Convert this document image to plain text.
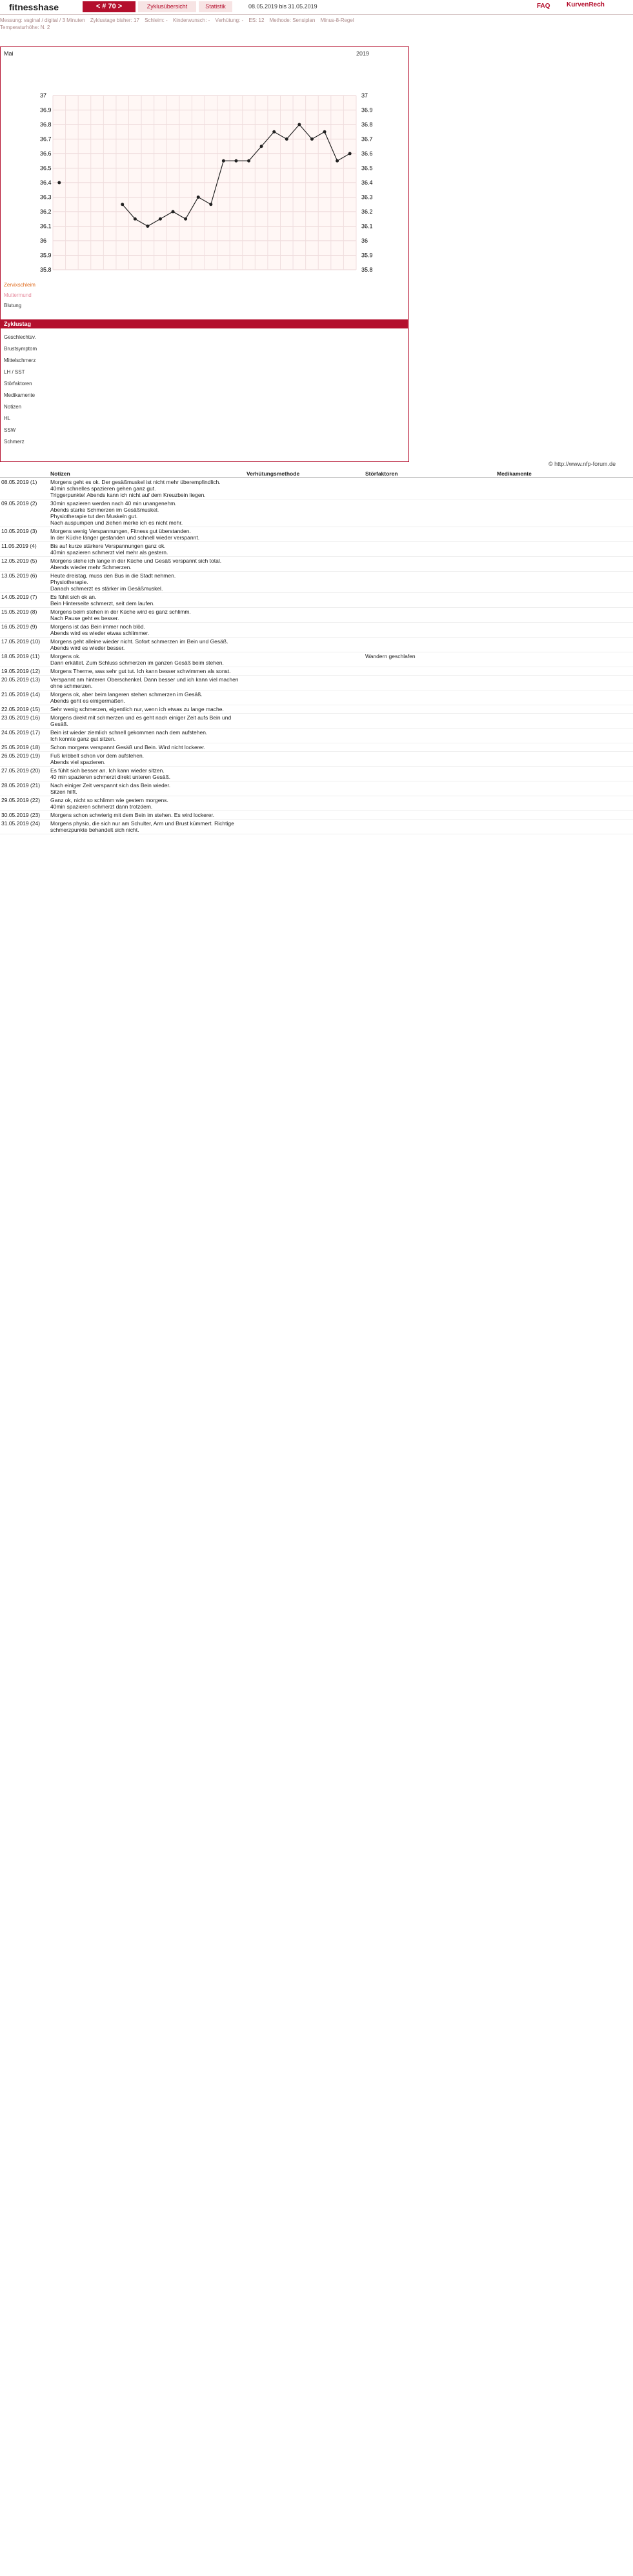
fitnesshase	< # 70 >	Zyklusübersicht	Statistik	08.05.2019 bis 31.05.2019	FAQ	KurvenRech
Messung: vaginal / digital / 3 Minuten Zyklustage bisher: 17 Schleim: - Kinderwunsch: - Verhütung: - ES: 12 Methode: Sensiplan Minus-8-Regel
Temperaturhöhe: N. 2
Mai	2019
37	37
36.9	36.9
36.8	36.8
36.7	36.7
36.6	36.6
36.5	36.5
36.4	36.4
36.3	36.3
36.2	36.2
36.1	36.1
36	36
35.9	35.9
35.8	35.8
Zervixschleim
Muttermund
Blutung
Zyklustag
Geschlechtsv.
Brustsymptom
Mittelschmerz
LH / SST
Störfaktoren
Medikamente
Notizen
HL
SSW
Schmerz
© http://www.nfp-forum.de
	Notizen	Verhütungsmethode	Störfaktoren	Medikamente
08.05.2019 (1)	Morgens geht es ok. Der gesäßmuskel ist nicht mehr überempfindlich.
40min schnelles spazieren gehen ganz gut.
Triggerpunkte! Abends kann ich nicht auf dem Kreuzbein liegen.			
09.05.2019 (2)	30min spazieren werden nach 40 min unangenehm.
Abends starke Schmerzen im Gesäßmuskel.
Physiotherapie tut den Muskeln gut.
Nach auspumpen und ziehen merke ich es nicht mehr.			
10.05.2019 (3)	Morgens wenig Verspannungen, Fitness gut überstanden.
In der Küche länger gestanden und schnell wieder verspannt.			
11.05.2019 (4)	Bis auf kurze stärkere Verspannungen ganz ok.
40min spazieren schmerzt viel mehr als gestern.			
12.05.2019 (5)	Morgens stehe ich lange in der Küche und Gesäß verspannt sich total.
Abends wieder mehr Schmerzen.			
13.05.2019 (6)	Heute dreistag, muss den Bus in die Stadt nehmen.
Physiotherapie.
Danach schmerzt es stärker im Gesäßmuskel.			
14.05.2019 (7)	Es fühlt sich ok an.
Bein Hinterseite schmerzt, seit dem laufen.			
15.05.2019 (8)	Morgens beim stehen in der Küche wird es ganz schlimm.
Nach Pause geht es besser.			
16.05.2019 (9)	Morgens ist das Bein immer noch blöd.
Abends wird es wieder etwas schlimmer.			
17.05.2019 (10)	Morgens geht alleine wieder nicht. Sofort schmerzen im Bein und Gesäß.
Abends wird es wieder besser.			
18.05.2019 (11)	Morgens ok.
Dann erkältet. Zum Schluss schmerzen im ganzen Gesäß beim stehen.		Wandern geschlafen	
19.05.2019 (12)	Morgens Therme, was sehr gut tut. Ich kann besser schwimmen als sonst.			
20.05.2019 (13)	Verspannt am hinteren Oberschenkel. Dann besser und ich kann viel machen ohne schmerzen.			
21.05.2019 (14)	Morgens ok, aber beim langeren stehen schmerzen im Gesäß.
Abends geht es einigermaßen.			
22.05.2019 (15)	Sehr wenig schmerzen, eigentlich nur, wenn ich etwas zu lange mache.			
23.05.2019 (16)	Morgens direkt mit schmerzen und es geht nach einiger Zeit aufs Bein und Gesäß.			
24.05.2019 (17)	Bein ist wieder ziemlich schnell gekommen nach dem aufstehen.
Ich konnte ganz gut sitzen.			
25.05.2019 (18)	Schon morgens verspannt Gesäß und Bein. Wird nicht lockerer.			
26.05.2019 (19)	Fuß kribbelt schon vor dem aufstehen.
Abends viel spazieren.			
27.05.2019 (20)	Es fühlt sich besser an. Ich kann wieder sitzen.
40 min spazieren schmerzt direkt unteren Gesäß.			
28.05.2019 (21)	Nach einiger Zeit verspannt sich das Bein wieder.
Sitzen hilft.			
29.05.2019 (22)	Ganz ok, nicht so schlimm wie gestern morgens.
40min spazieren schmerzt dann trotzdem.			
30.05.2019 (23)	Morgens schon schwierig mit dem Bein im stehen. Es wird lockerer.			
31.05.2019 (24)	Morgens physio, die sich nur am Schulter, Arm und Brust kümmert. Richtige schmerzpunkte behandelt sich nicht.			
